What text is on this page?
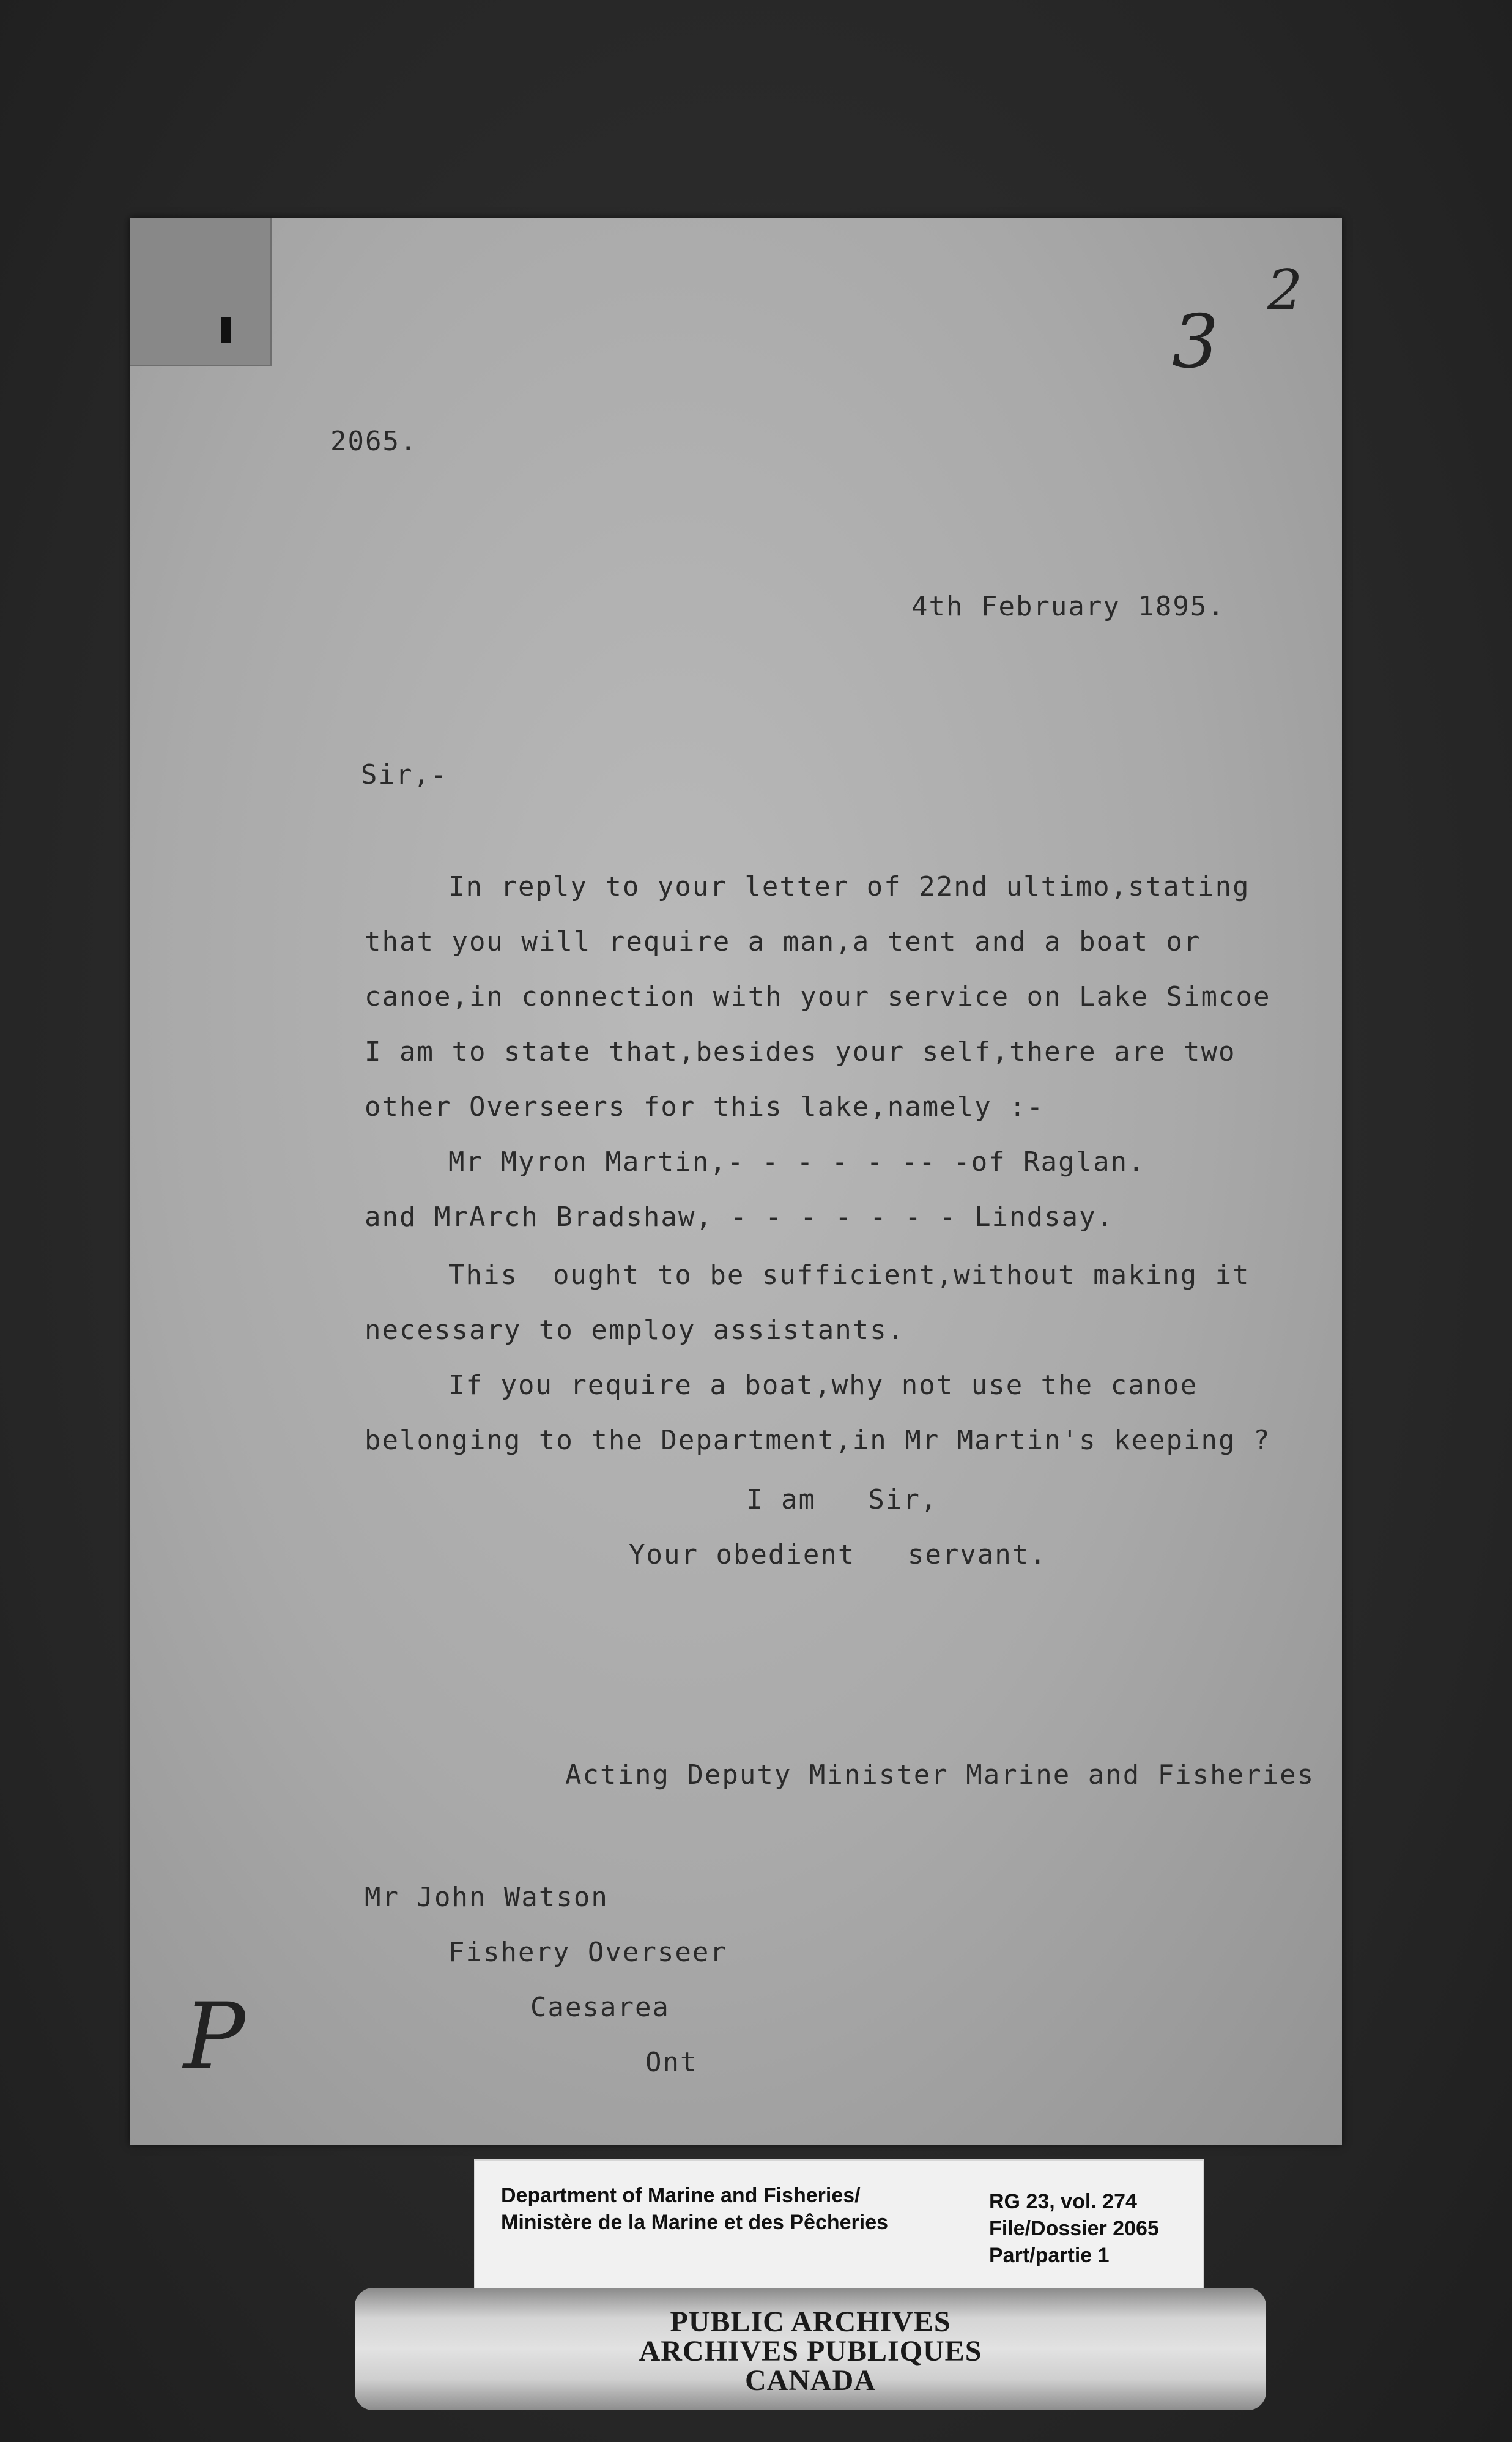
3
2
2065.
4th February 1895.
Sir,-
In reply to your letter of 22nd ultimo,stating
that you will require a man,a tent and a boat or
canoe,in connection with your service on Lake Simcoe
I am to state that,besides your self,there are two
other Overseers for this lake,namely :-
Mr Myron Martin,- - - - - -- -of Raglan.
and MrArch Bradshaw, - - - - - - - Lindsay.
This  ought to be sufficient,without making it
necessary to employ assistants.
If you require a boat,why not use the canoe
belonging to the Department,in Mr Martin's keeping ?
I am   Sir,
Your obedient   servant.
Acting Deputy Minister Marine and Fisheries
Mr John Watson
Fishery Overseer
Caesarea
Ont
P
Department of Marine and Fisheries/
Ministère de la Marine et des Pêcheries
RG 23, vol. 274
File/Dossier 2065
Part/partie 1
PUBLIC ARCHIVES
ARCHIVES PUBLIQUES
CANADA
